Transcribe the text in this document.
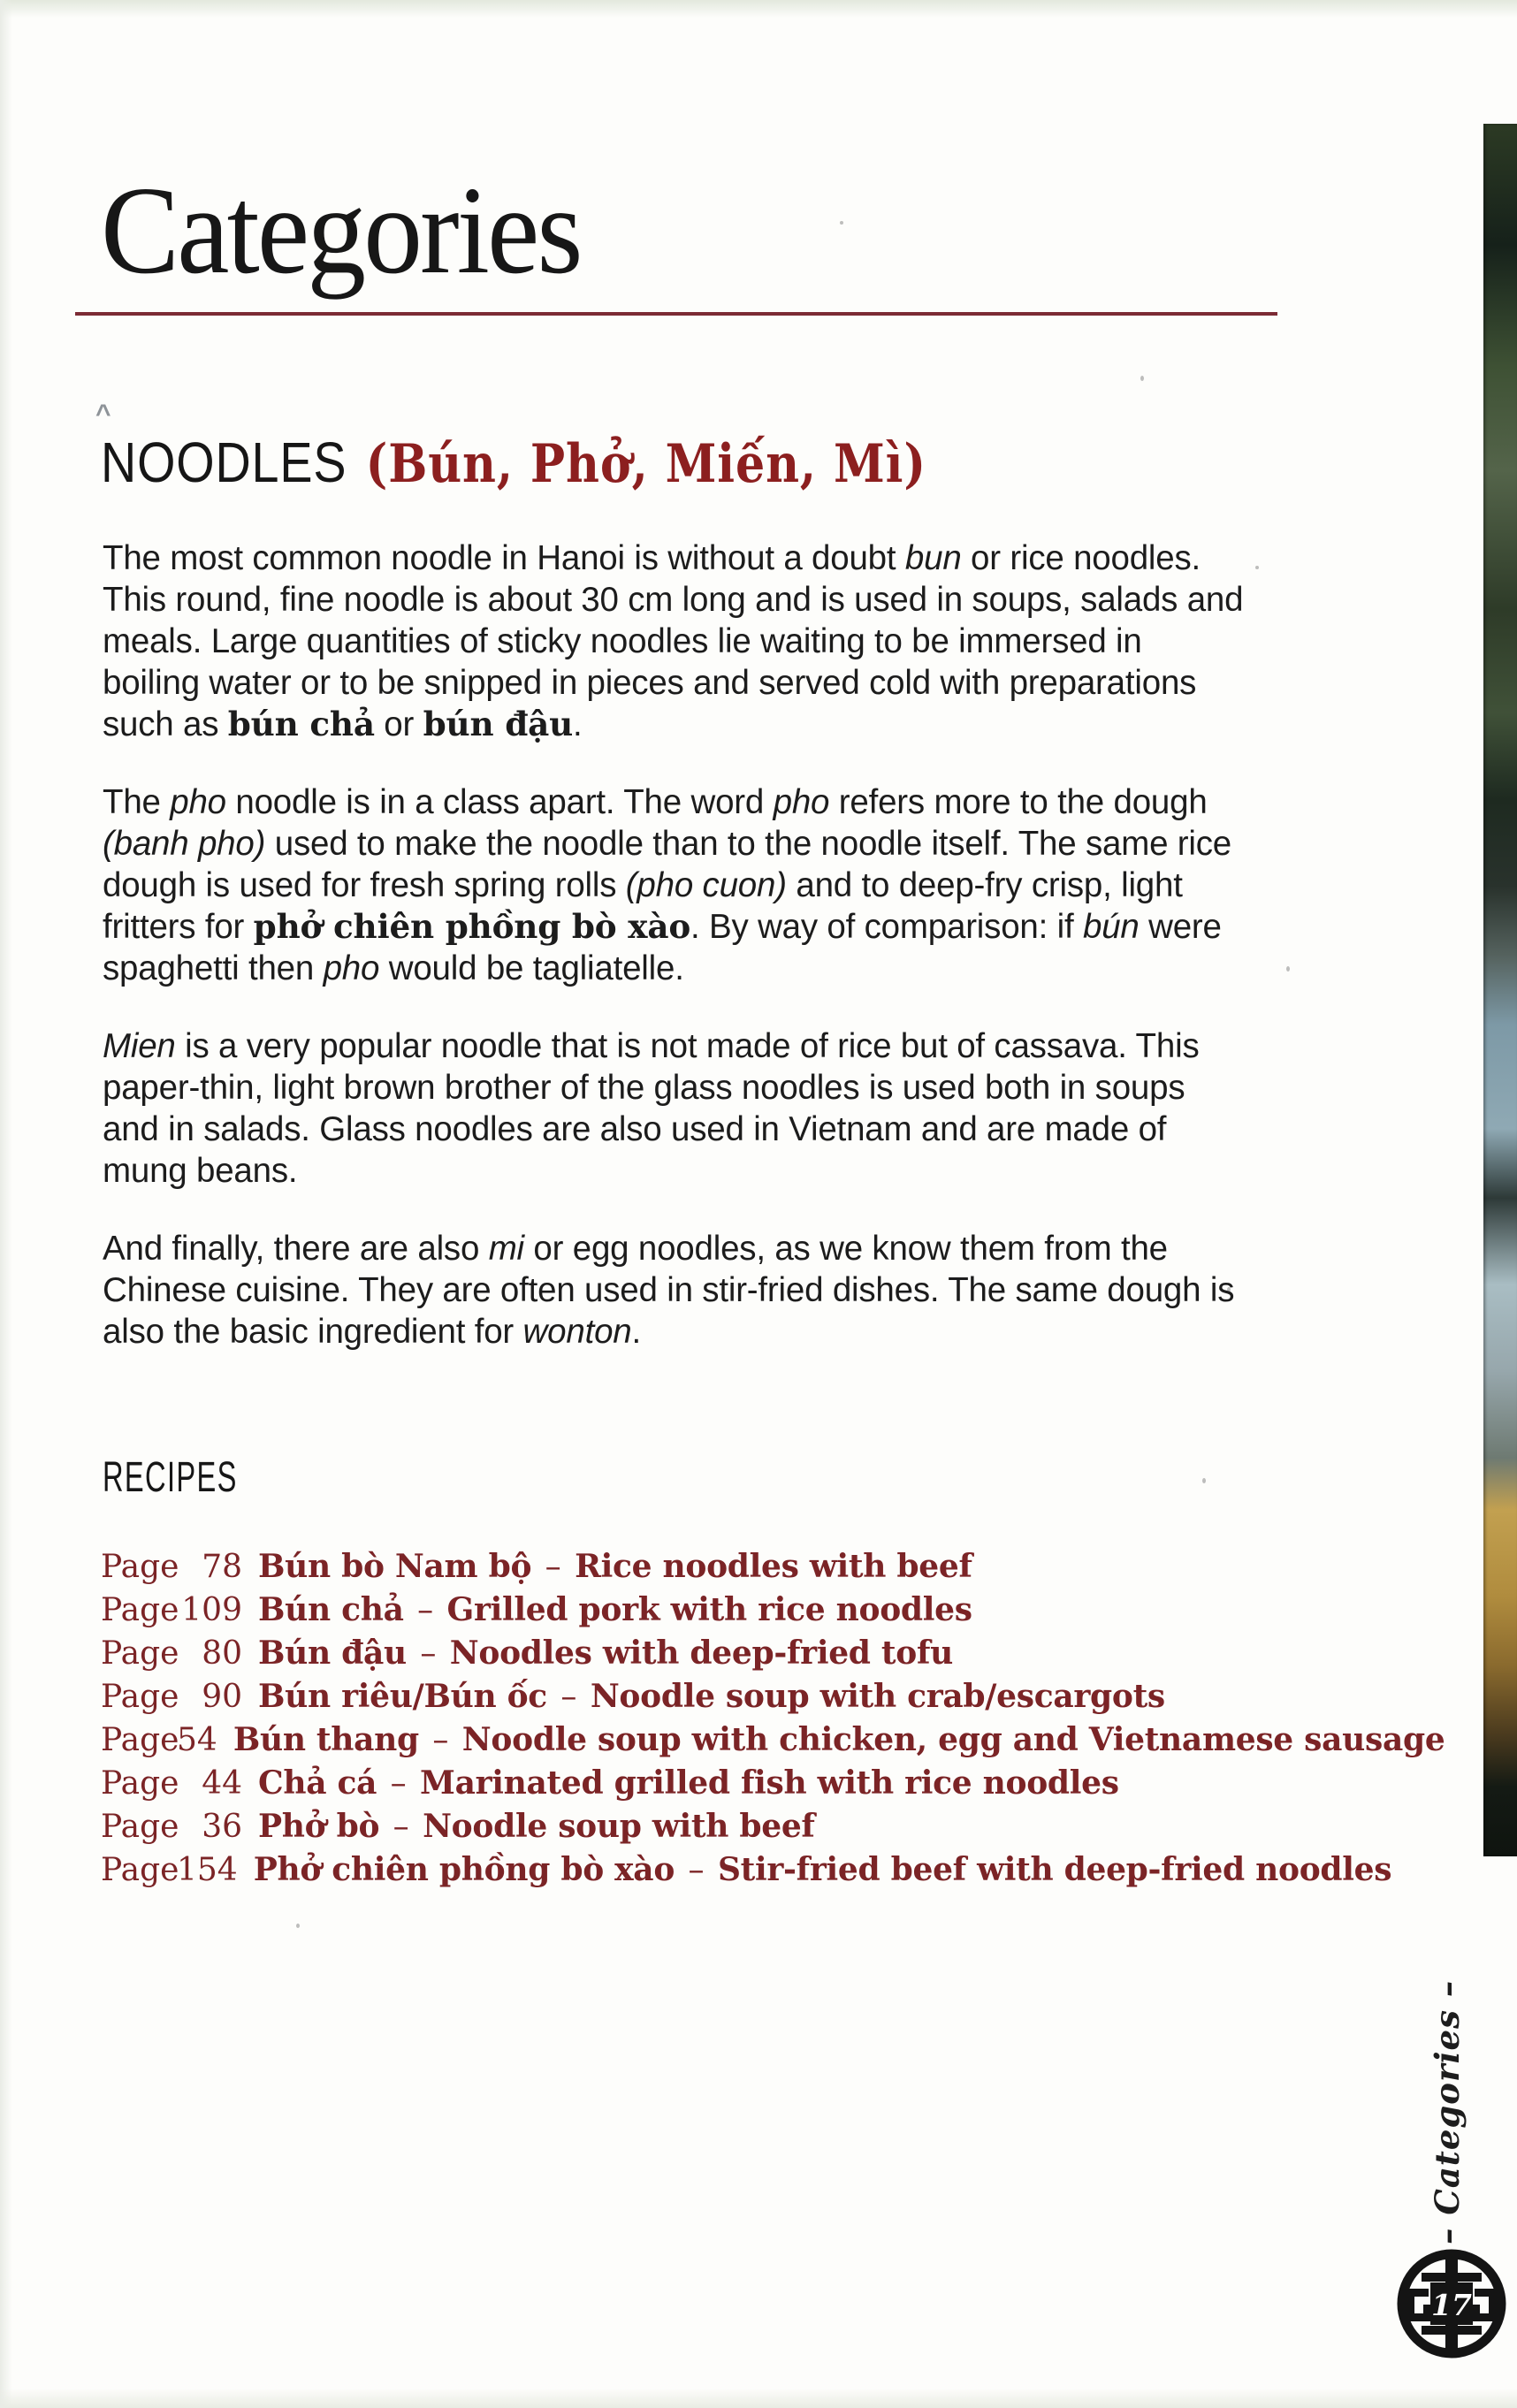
^
Categories
NOODLES (Bún, Phở, Miến, Mì)

The most common noodle in Hanoi is without a doubt bun or rice noodles. This round, fine noodle is about 30 cm long and is used in soups, salads and meals. Large quantities of sticky noodles lie waiting to be immersed in boiling water or to be snipped in pieces and served cold with preparations such as bún chả or bún đậu.

The pho noodle is in a class apart. The word pho refers more to the dough (banh pho) used to make the noodle than to the noodle itself. The same rice dough is used for fresh spring rolls (pho cuon) and to deep-fry crisp, light fritters for phở chiên phồng bò xào. By way of comparison: if bún were spaghetti then pho would be tagliatelle.

Mien is a very popular noodle that is not made of rice but of cassava. This paper-thin, light brown brother of the glass noodles is used both in soups and in salads. Glass noodles are also used in Vietnam and are made of mung beans.

And finally, there are also mi or egg noodles, as we know them from the Chinese cuisine. They are often used in stir-fried dishes. The same dough is also the basic ingredient for wonton.

RECIPES
Page 78 Bún bò Nam bộ – Rice noodles with beef
Page 109 Bún chả – Grilled pork with rice noodles
Page 80 Bún đậu – Noodles with deep-fried tofu
Page 90 Bún riêu/Bún ốc – Noodle soup with crab/escargots
Page
54 Bún thang – Noodle soup with chicken, egg and Vietnamese sausage
Page 44 Chả cá – Marinated grilled fish with rice noodles
Page 36 Phở bò – Noodle soup with beef
Page
154 Phở chiên phồng bò xào – Stir-fried beef with deep-fried noodles
– Categories –
17
